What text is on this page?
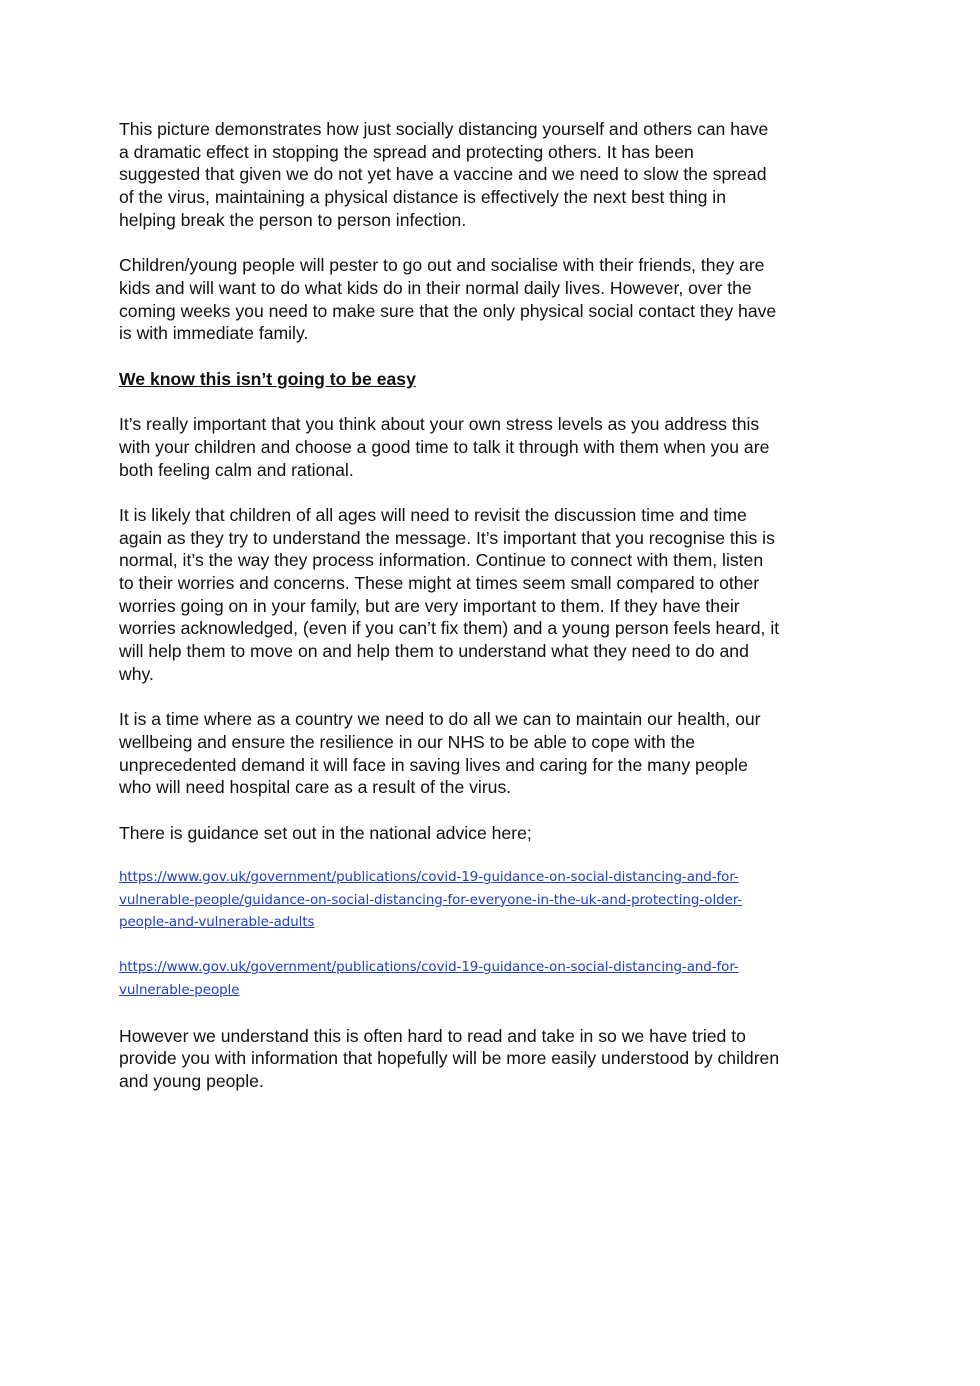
This picture demonstrates how just socially distancing yourself and others can have
a dramatic effect in stopping the spread and protecting others. It has been
suggested that given we do not yet have a vaccine and we need to slow the spread
of the virus, maintaining a physical distance is effectively the next best thing in
helping break the person to person infection.

Children/young people will pester to go out and socialise with their friends, they are
kids and will want to do what kids do in their normal daily lives. However, over the
coming weeks you need to make sure that the only physical social contact they have
is with immediate family.

We know this isn’t going to be easy

It’s really important that you think about your own stress levels as you address this
with your children and choose a good time to talk it through with them when you are
both feeling calm and rational.

It is likely that children of all ages will need to revisit the discussion time and time
again as they try to understand the message. It’s important that you recognise this is
normal, it’s the way they process information. Continue to connect with them, listen
to their worries and concerns. These might at times seem small compared to other
worries going on in your family, but are very important to them. If they have their
worries acknowledged, (even if you can’t fix them) and a young person feels heard, it
will help them to move on and help them to understand what they need to do and
why.

It is a time where as a country we need to do all we can to maintain our health, our
wellbeing and ensure the resilience in our NHS to be able to cope with the
unprecedented demand it will face in saving lives and caring for the many people
who will need hospital care as a result of the virus.

There is guidance set out in the national advice here;

https://www.gov.uk/government/publications/covid-19-guidance-on-social-distancing-and-for-
vulnerable-people/guidance-on-social-distancing-for-everyone-in-the-uk-and-protecting-older-
people-and-vulnerable-adults
https://www.gov.uk/government/publications/covid-19-guidance-on-social-distancing-and-for-
vulnerable-people

However we understand this is often hard to read and take in so we have tried to
provide you with information that hopefully will be more easily understood by children
and young people.
